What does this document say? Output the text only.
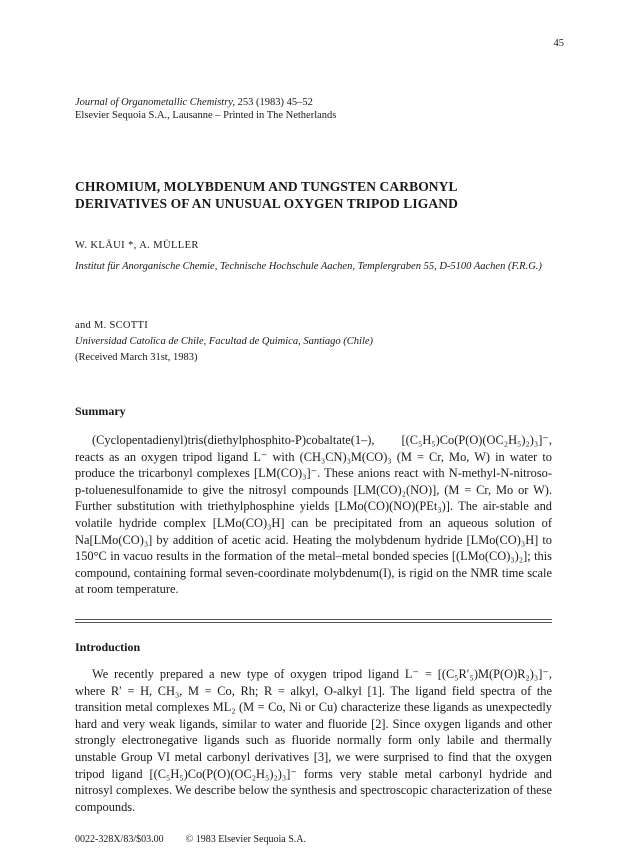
45
Journal of Organometallic Chemistry, 253 (1983) 45–52
Elsevier Sequoia S.A., Lausanne – Printed in The Netherlands
CHROMIUM, MOLYBDENUM AND TUNGSTEN CARBONYL DERIVATIVES OF AN UNUSUAL OXYGEN TRIPOD LIGAND
W. KLÄUI *, A. MÜLLER
Institut für Anorganische Chemie, Technische Hochschule Aachen, Templergraben 55, D-5100 Aachen (F.R.G.)
and M. SCOTTI
Universidad Catolica de Chile, Facultad de Quimica, Santiago (Chile)
(Received March 31st, 1983)
Summary

(Cyclopentadienyl)tris(diethylphosphito-P)cobaltate(1–), [(C₅H₅)Co(P(O)(OC₂H₅)₂)₃]⁻, reacts as an oxygen tripod ligand L⁻ with (CH₃CN)₃M(CO)₃ (M = Cr, Mo, W) in water to produce the tricarbonyl complexes [LM(CO)₃]⁻. These anions react with N-methyl-N-nitroso-p-toluenesulfonamide to give the nitrosyl compounds [LM(CO)₂(NO)], (M = Cr, Mo or W). Further substitution with triethylphosphine yields [LMo(CO)(NO)(PEt₃)]. The air-stable and volatile hydride complex [LMo(CO)₃H] can be precipitated from an aqueous solution of Na[LMo(CO)₃] by addition of acetic acid. Heating the molybdenum hydride [LMo(CO)₃H] to 150°C in vacuo results in the formation of the metal–metal bonded species [(LMo(CO)₃)₂]; this compound, containing formal seven-coordinate molybdenum(I), is rigid on the NMR time scale at room temperature.

Introduction

We recently prepared a new type of oxygen tripod ligand L⁻ = [(C₅R′₅)M(P(O)R₂)₃]⁻, where R′ = H, CH₃, M = Co, Rh; R = alkyl, O-alkyl [1]. The ligand field spectra of the transition metal complexes ML₂ (M = Co, Ni or Cu) characterize these ligands as unexpectedly hard and very weak ligands, similar to water and fluoride [2]. Since oxygen ligands and other strongly electronegative ligands such as fluoride normally form only labile and thermally unstable Group VI metal carbonyl derivatives [3], we were surprised to find that the oxygen tripod ligand [(C₅H₅)Co(P(O)(OC₂H₅)₂)₃]⁻ forms very stable metal carbonyl hydride and nitrosyl complexes. We describe below the synthesis and spectroscopic characterization of these compounds.

0022-328X/83/$03.00 © 1983 Elsevier Sequoia S.A.
